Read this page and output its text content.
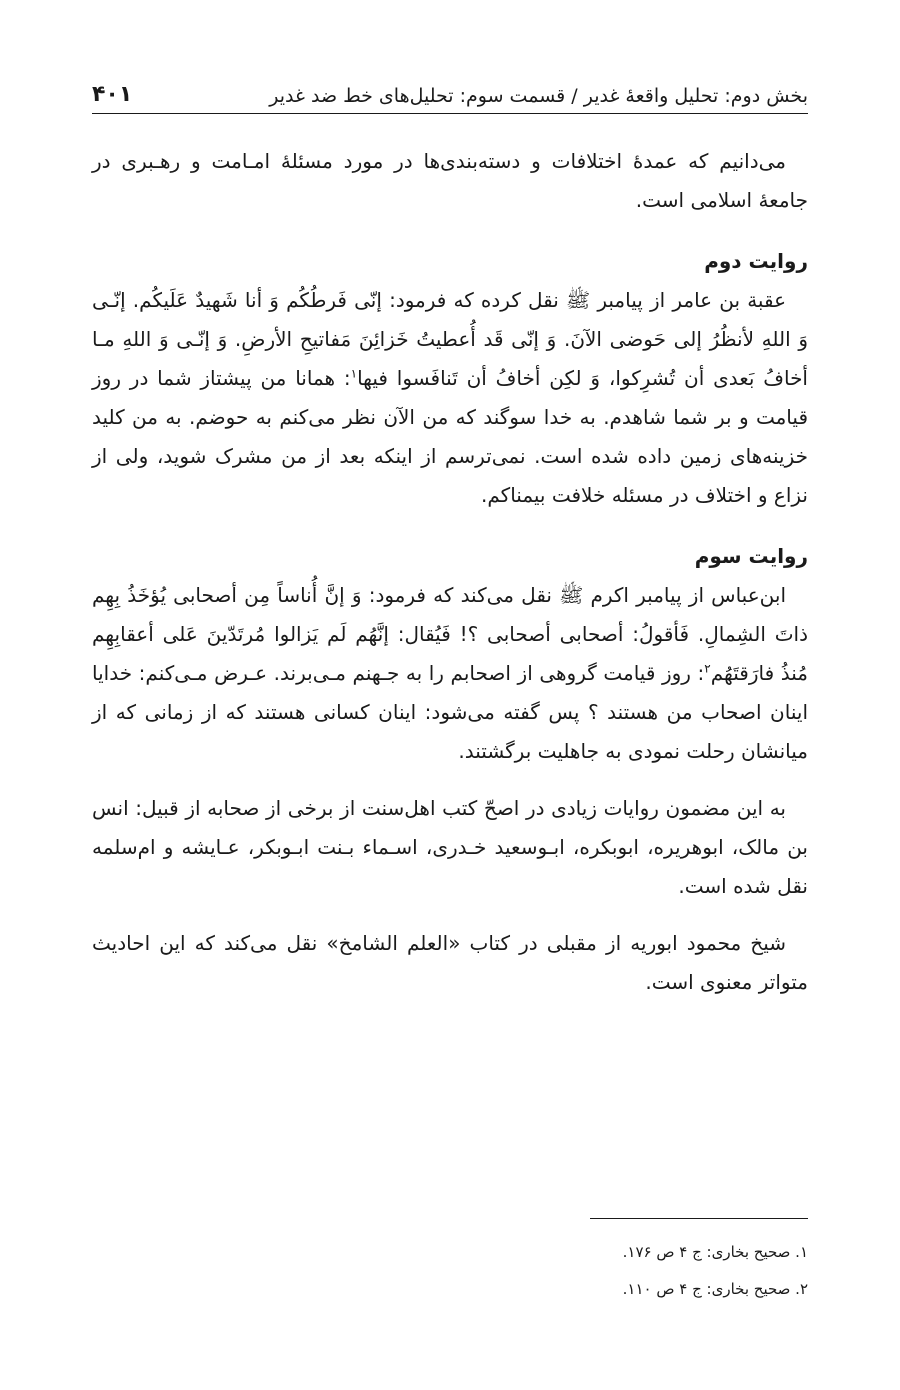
بخش دوم: تحلیل واقعهٔ غدیر / قسمت سوم: تحلیل‌های خط ضد غدیر
۴۰۱

می‌دانیم که عمدهٔ اختلافات و دسته‌بندی‌ها در مورد مسئلهٔ امـامت و رهـبری در جامعهٔ اسلامی است.

روایت دوم

عقبة بن عامر از پیامبر ﷺ نقل کرده که فرمود: إنّی فَرطُکُم وَ أنا شَهیدٌ عَلَیکُم. إنّـی وَ اللهِ لأنظُرُ إلی حَوضی الآنَ. وَ إنّی قَد أُعطیتُ خَزائِنَ مَفاتیحِ الأرضِ. وَ إنّـی وَ اللهِ مـا أخافُ بَعدی أن تُشرِکوا، وَ لکِن أخافُ أن تَنافَسوا فیها$^۱$: همانا من پیشتاز شما در روز قیامت و بر شما شاهدم. به خدا سوگند که من الآن نظر می‌کنم به حوضم. به من کلید خزینه‌های زمین داده شده است. نمی‌ترسم از اینکه بعد از من مشرک شوید، ولی از نزاع و اختلاف در مسئله خلافت بیمناکم.

روایت سوم

ابن‌عباس از پیامبر اکرم ﷺ نقل می‌کند که فرمود: وَ إنَّ أُناساً مِن أصحابی یُؤخَذُ بِهِم ذاتَ الشِمالِ. فَأقولُ: أصحابی أصحابی ؟! فَیُقال: إنَّهُم لَم یَزالوا مُرتَدّینَ عَلی أعقابِهِم مُنذُ فارَقتَهُم$^۲$: روز قیامت گروهی از اصحابم را به جـهنم مـی‌برند. عـرض مـی‌کنم: خدایا اینان اصحاب من هستند ؟ پس گفته می‌شود: اینان کسانی هستند که از زمانی که از میانشان رحلت نمودی به جاهلیت برگشتند.

به این مضمون روایات زیادی در اصحّ کتب اهل‌سنت از برخی از صحابه از قبیل: انس بن مالک، ابوهریره، ابوبکره، ابـوسعید خـدری، اسـماء بـنت ابـوبکر، عـایشه و ام‌سلمه نقل شده است.

شیخ محمود ابوریه از مقبلی در کتاب «العلم الشامخ» نقل می‌کند که این احادیث متواتر معنوی است.

۱. صحیح بخاری: ج ۴ ص ۱۷۶.
۲. صحیح بخاری: ج ۴ ص ۱۱۰.
